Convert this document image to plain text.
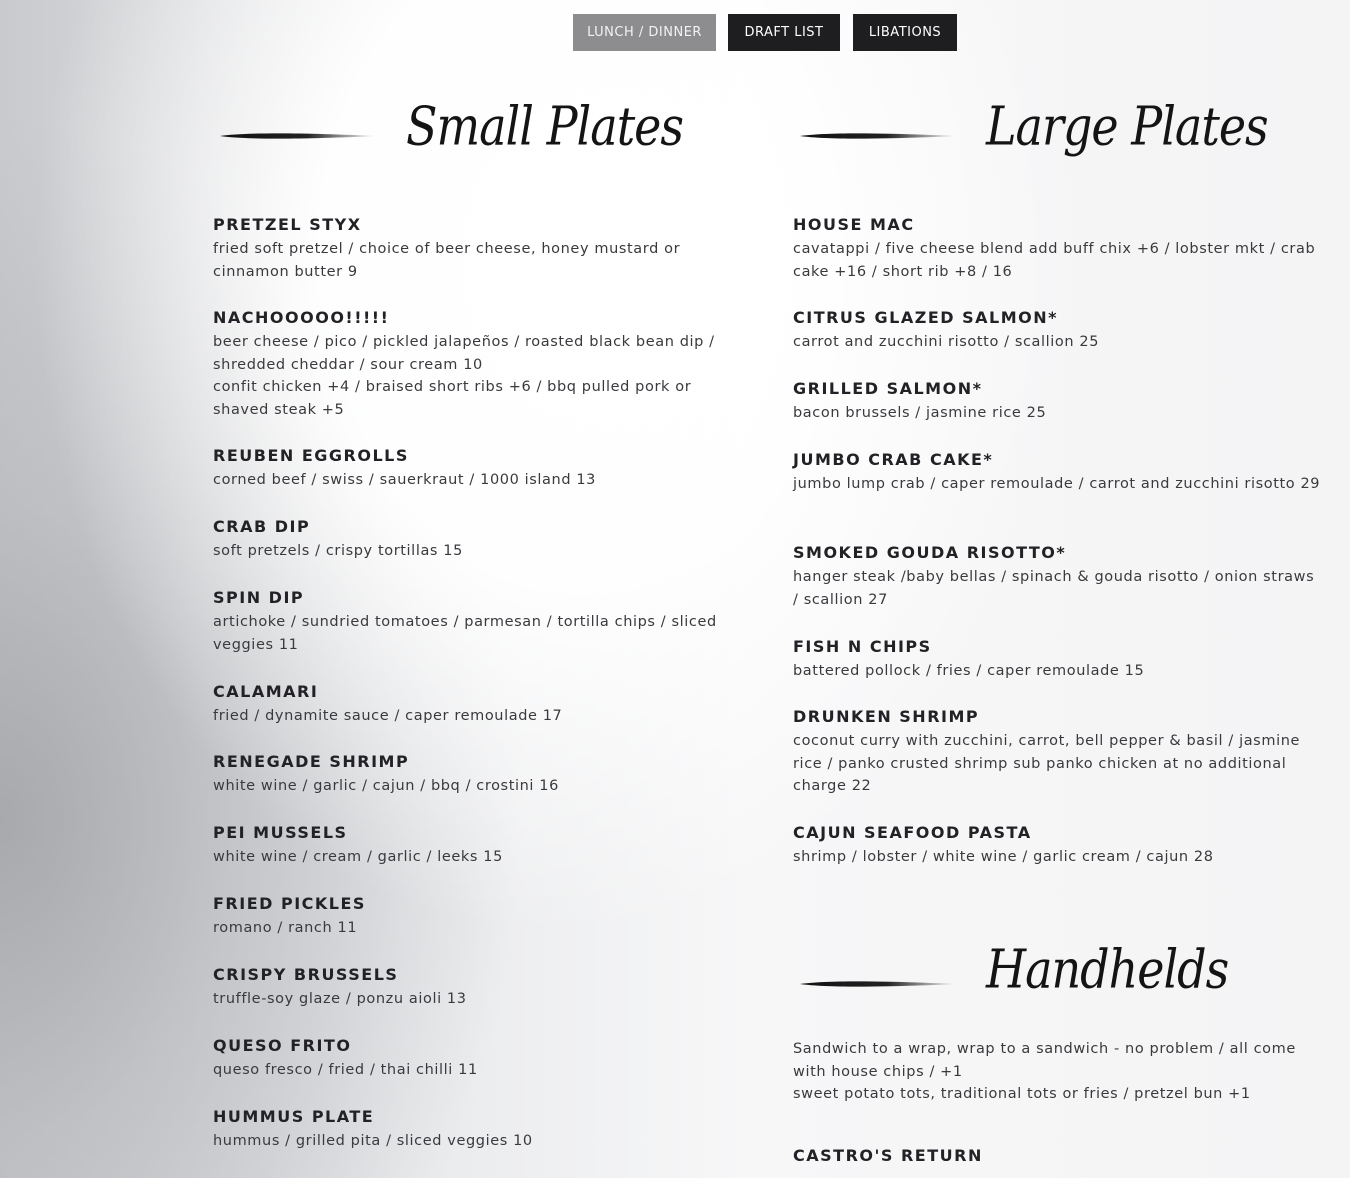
LUNCH / DINNER	DRAFT LIST	LIBATIONS
Small Plates	Large Plates
PRETZEL STYX

fried soft pretzel / choice of beer cheese, honey mustard or cinnamon butter 9

NACHOOOOO!!!!!

beer cheese / pico / pickled jalapeños / roasted black bean dip / shredded cheddar / sour cream 10

confit chicken +4 / braised short ribs +6 / bbq pulled pork or shaved steak +5

REUBEN EGGROLLS

corned beef / swiss / sauerkraut / 1000 island 13

CRAB DIP

soft pretzels / crispy tortillas 15

SPIN DIP

artichoke / sundried tomatoes / parmesan / tortilla chips / sliced veggies 11

CALAMARI

fried / dynamite sauce / caper remoulade 17

RENEGADE SHRIMP

white wine / garlic / cajun / bbq / crostini 16

PEI MUSSELS

white wine / cream / garlic / leeks 15

FRIED PICKLES

romano / ranch 11

CRISPY BRUSSELS

truffle-soy glaze / ponzu aioli 13

QUESO FRITO

queso fresco / fried / thai chilli 11

HUMMUS PLATE

hummus / grilled pita / sliced veggies 10

HOUSE MAC

cavatappi / five cheese blend add buff chix +6 / lobster mkt / crab cake +16 / short rib +8 / 16

CITRUS GLAZED SALMON*

carrot and zucchini risotto / scallion 25

GRILLED SALMON*

bacon brussels / jasmine rice 25

JUMBO CRAB CAKE*

jumbo lump crab / caper remoulade / carrot and zucchini risotto 29

SMOKED GOUDA RISOTTO*

hanger steak /baby bellas / spinach & gouda risotto / onion straws / scallion 27

FISH N CHIPS

battered pollock / fries / caper remoulade 15

DRUNKEN SHRIMP

coconut curry with zucchini, carrot, bell pepper & basil / jasmine rice / panko crusted shrimp sub panko chicken at no additional charge 22

CAJUN SEAFOOD PASTA

shrimp / lobster / white wine / garlic cream / cajun 28

Handhelds

Sandwich to a wrap, wrap to a sandwich - no problem / all come with house chips / +1

sweet potato tots, traditional tots or fries / pretzel bun +1

CASTRO'S RETURN
